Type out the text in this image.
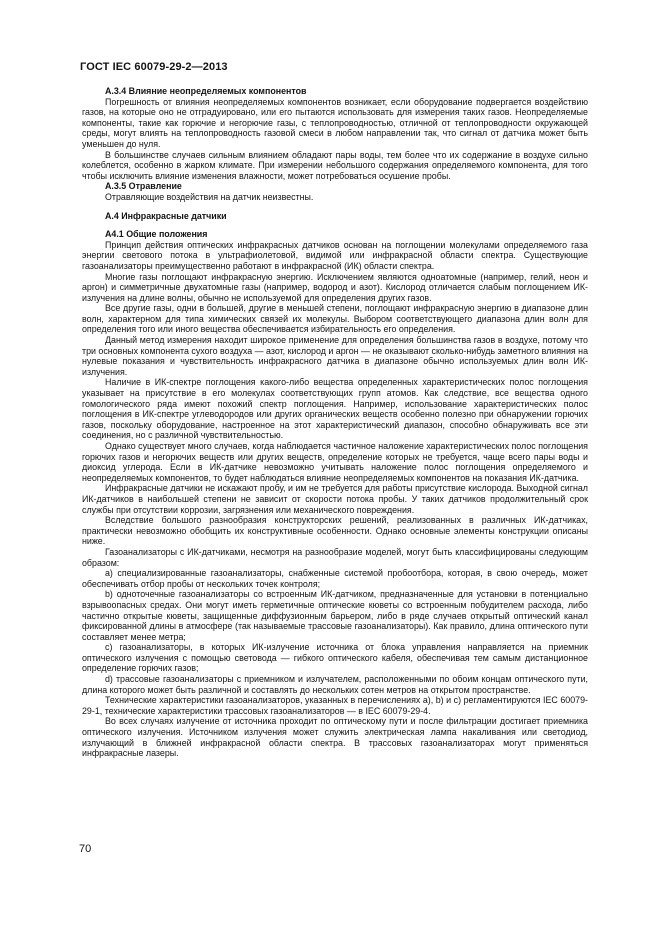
ГОСТ IEC 60079-29-2—2013
А.3.4 Влияние неопределяемых компонентов
Погрешность от влияния неопределяемых компонентов возникает, если оборудование подвергается воздействию газов, на которые оно не отградуировано, или его пытаются использовать для измерения таких газов. Неопределяемые компоненты, такие как горючие и негорючие газы, с теплопроводностью, отличной от теплопроводности окружающей среды, могут влиять на теплопроводность газовой смеси в любом направлении так, что сигнал от датчика может быть уменьшен до нуля.
В большинстве случаев сильным влиянием обладают пары воды, тем более что их содержание в воздухе сильно колеблется, особенно в жарком климате. При измерении небольшого содержания определяемого компонента, для того чтобы исключить влияние изменения влажности, может потребоваться осушение пробы.
А.3.5 Отравление
Отравляющие воздействия на датчик неизвестны.
А.4 Инфракрасные датчики
А4.1 Общие положения
Принцип действия оптических инфракрасных датчиков основан на поглощении молекулами определяемого газа энергии светового потока в ультрафиолетовой, видимой или инфракрасной области спектра. Существующие газоанализаторы преимущественно работают в инфракрасной (ИК) области спектра.
Многие газы поглощают инфракрасную энергию. Исключением являются одноатомные (например, гелий, неон и аргон) и симметричные двухатомные газы (например, водород и азот). Кислород отличается слабым поглощением ИК-излучения на длине волны, обычно не используемой для определения других газов.
Все другие газы, одни в большей, другие в меньшей степени, поглощают инфракрасную энергию в диапазоне длин волн, характерном для типа химических связей их молекулы. Выбором соответствующего диапазона длин волн для определения того или иного вещества обеспечивается избирательность его определения.
Данный метод измерения находит широкое применение для определения большинства газов в воздухе, потому что три основных компонента сухого воздуха — азот, кислород и аргон — не оказывают сколько-нибудь заметного влияния на нулевые показания и чувствительность инфракрасного датчика в диапазоне обычно используемых длин волн ИК-излучения.
Наличие в ИК-спектре поглощения какого-либо вещества определенных характеристических полос поглощения указывает на присутствие в его молекулах соответствующих групп атомов. Как следствие, все вещества одного гомологического ряда имеют похожий спектр поглощения. Например, использование характеристических полос поглощения в ИК-спектре углеводородов или других органических веществ особенно полезно при обнаружении горючих газов, поскольку оборудование, настроенное на этот характеристический диапазон, способно обнаруживать все эти соединения, но с различной чувствительностью.
Однако существует много случаев, когда наблюдается частичное наложение характеристических полос поглощения горючих газов и негорючих веществ или других веществ, определение которых не требуется, чаще всего пары воды и диоксид углерода. Если в ИК-датчике невозможно учитывать наложение полос поглощения определяемого и неопределяемых компонентов, то будет наблюдаться влияние неопределяемых компонентов на показания ИК-датчика.
Инфракрасные датчики не искажают пробу, и им не требуется для работы присутствие кислорода. Выходной сигнал ИК-датчиков в наибольшей степени не зависит от скорости потока пробы. У таких датчиков продолжительный срок службы при отсутствии коррозии, загрязнения или механического повреждения.
Вследствие большого разнообразия конструкторских решений, реализованных в различных ИК-датчиках, практически невозможно обобщить их конструктивные особенности. Однако основные элементы конструкции описаны ниже.
Газоанализаторы с ИК-датчиками, несмотря на разнообразие моделей, могут быть классифицированы следующим образом:
a) специализированные газоанализаторы, снабженные системой пробоотбора, которая, в свою очередь, может обеспечивать отбор пробы от нескольких точек контроля;
b) одноточечные газоанализаторы со встроенным ИК-датчиком, предназначенные для установки в потенциально взрывоопасных средах. Они могут иметь герметичные оптические кюветы со встроенным побудителем расхода, либо частично открытые кюветы, защищенные диффузионным барьером, либо в ряде случаев открытый оптический канал фиксированной длины в атмосфере (так называемые трассовые газоанализаторы). Как правило, длина оптического пути составляет менее метра;
c) газоанализаторы, в которых ИК-излучение источника от блока управления направляется на приемник оптического излучения с помощью световода — гибкого оптического кабеля, обеспечивая тем самым дистанционное определение горючих газов;
d) трассовые газоанализаторы с приемником и излучателем, расположенными по обоим концам оптического пути, длина которого может быть различной и составлять до нескольких сотен метров на открытом пространстве.
Технические характеристики газоанализаторов, указанных в перечислениях a), b) и c) регламентируются IEC 60079-29-1, технические характеристики трассовых газоанализаторов — в IEC 60079-29-4.
Во всех случаях излучение от источника проходит по оптическому пути и после фильтрации достигает приемника оптического излучения. Источником излучения может служить электрическая лампа накаливания или светодиод, излучающий в ближней инфракрасной области спектра. В трассовых газоанализаторах могут применяться инфракрасные лазеры.
70
